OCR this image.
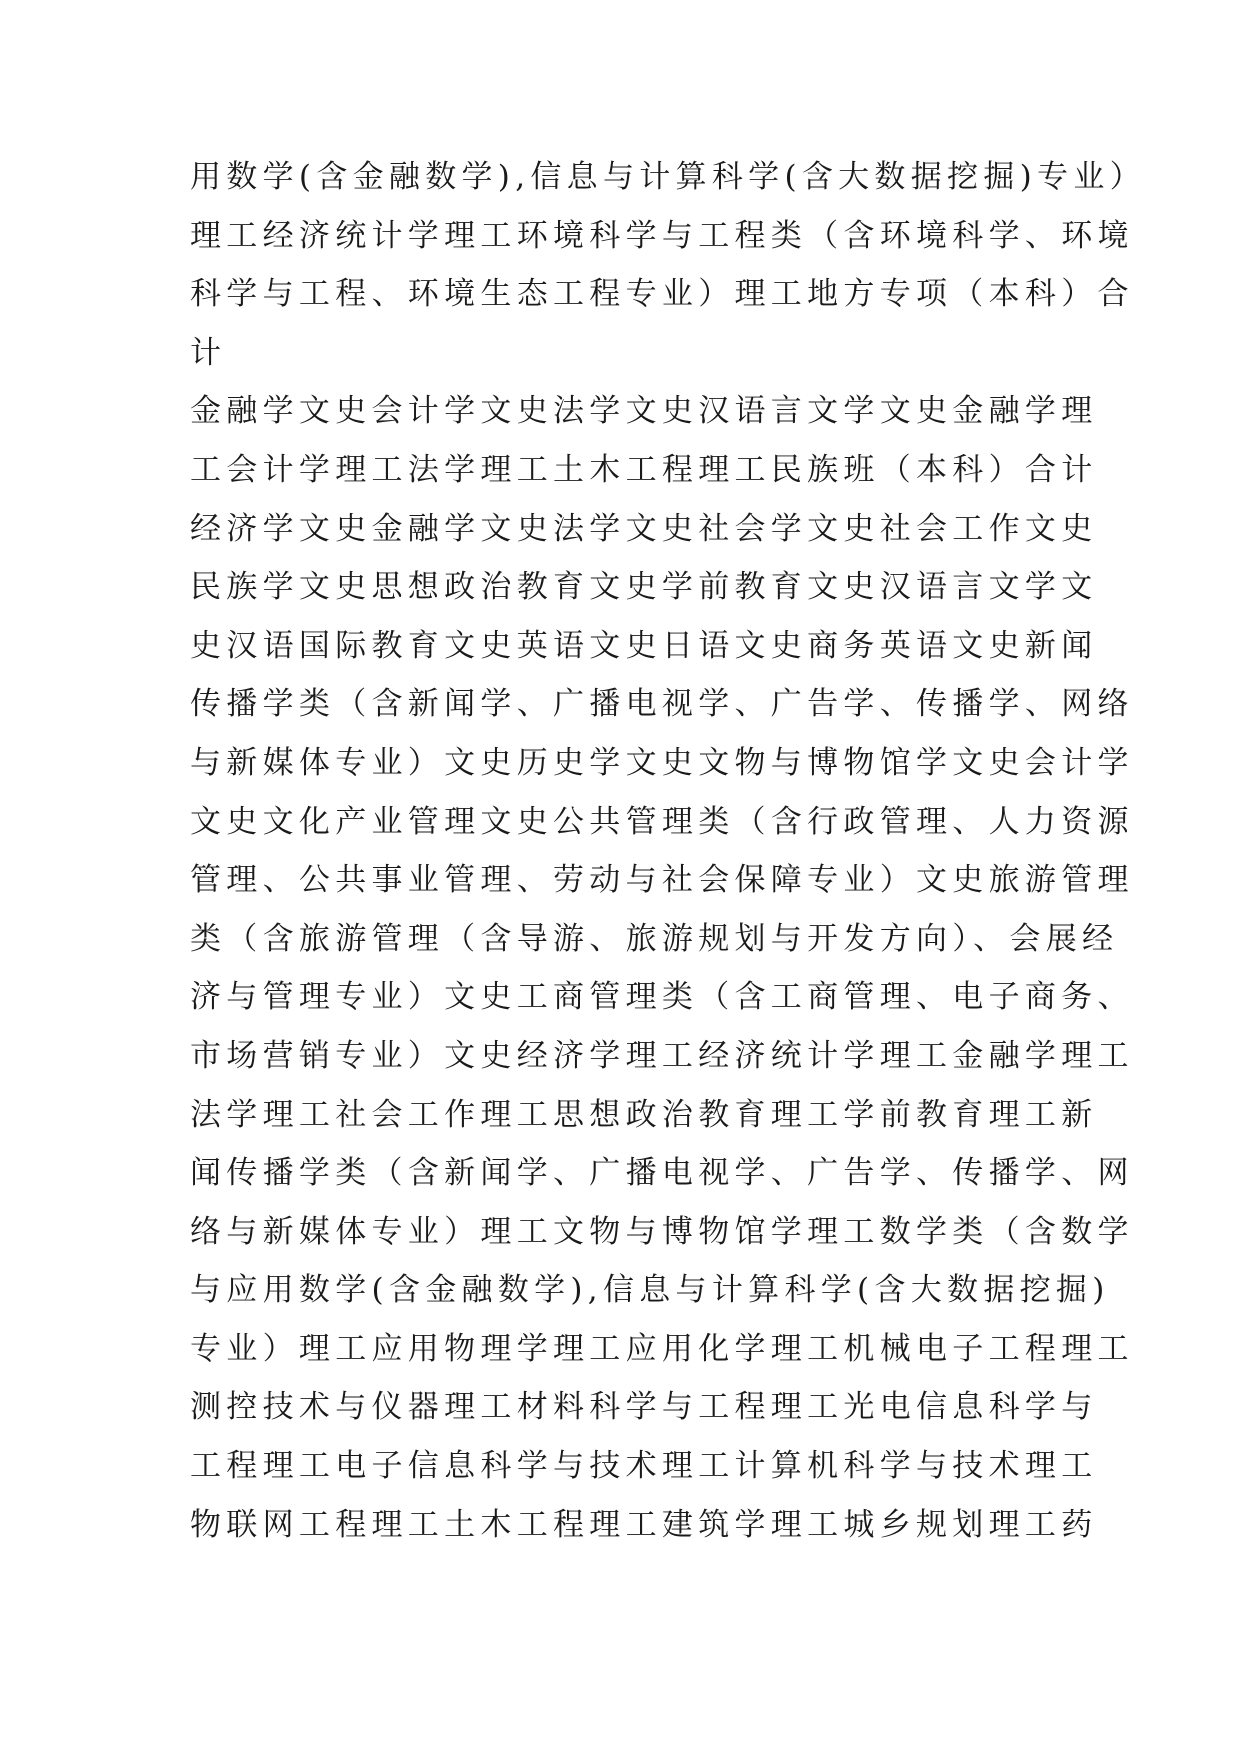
用数学(含金融数学),信息与计算科学(含大数据挖掘)专业）
理工经济统计学理工环境科学与工程类（含环境科学、环境
科学与工程、环境生态工程专业）理工地方专项（本科）合
计
金融学文史会计学文史法学文史汉语言文学文史金融学理
工会计学理工法学理工土木工程理工民族班（本科）合计
经济学文史金融学文史法学文史社会学文史社会工作文史
民族学文史思想政治教育文史学前教育文史汉语言文学文
史汉语国际教育文史英语文史日语文史商务英语文史新闻
传播学类（含新闻学、广播电视学、广告学、传播学、网络
与新媒体专业）文史历史学文史文物与博物馆学文史会计学
文史文化产业管理文史公共管理类（含行政管理、人力资源
管理、公共事业管理、劳动与社会保障专业）文史旅游管理
类（含旅游管理（含导游、旅游规划与开发方向）、会展经
济与管理专业）文史工商管理类（含工商管理、电子商务、
市场营销专业）文史经济学理工经济统计学理工金融学理工
法学理工社会工作理工思想政治教育理工学前教育理工新
闻传播学类（含新闻学、广播电视学、广告学、传播学、网
络与新媒体专业）理工文物与博物馆学理工数学类（含数学
与应用数学(含金融数学),信息与计算科学(含大数据挖掘)
专业）理工应用物理学理工应用化学理工机械电子工程理工
测控技术与仪器理工材料科学与工程理工光电信息科学与
工程理工电子信息科学与技术理工计算机科学与技术理工
物联网工程理工土木工程理工建筑学理工城乡规划理工药
